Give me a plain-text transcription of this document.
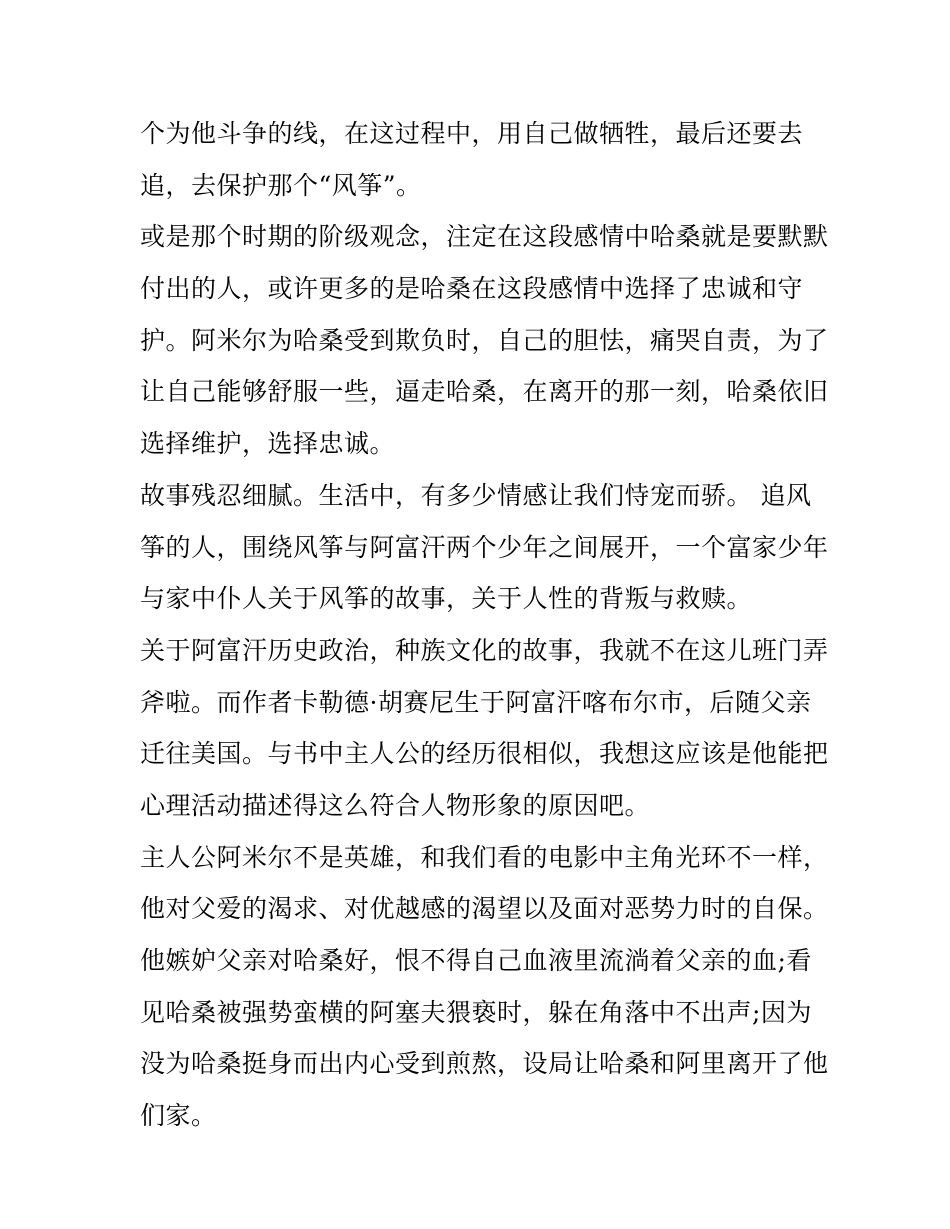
个为他斗争的线，在这过程中，用自己做牺牲，最后还要去
追，去保护那个“风筝”。
或是那个时期的阶级观念，注定在这段感情中哈桑就是要默默
付出的人，或许更多的是哈桑在这段感情中选择了忠诚和守
护。阿米尔为哈桑受到欺负时，自己的胆怯，痛哭自责，为了
让自己能够舒服一些，逼走哈桑，在离开的那一刻，哈桑依旧
选择维护，选择忠诚。
故事残忍细腻。生活中，有多少情感让我们恃宠而骄。 追风
筝的人，围绕风筝与阿富汗两个少年之间展开，一个富家少年
与家中仆人关于风筝的故事，关于人性的背叛与救赎。
关于阿富汗历史政治，种族文化的故事，我就不在这儿班门弄
斧啦。而作者卡勒德·胡赛尼生于阿富汗喀布尔市，后随父亲
迁往美国。与书中主人公的经历很相似，我想这应该是他能把
心理活动描述得这么符合人物形象的原因吧。
主人公阿米尔不是英雄，和我们看的电影中主角光环不一样，
他对父爱的渴求、对优越感的渴望以及面对恶势力时的自保。
他嫉妒父亲对哈桑好，恨不得自己血液里流淌着父亲的血;看
见哈桑被强势蛮横的阿塞夫猥亵时，躲在角落中不出声;因为
没为哈桑挺身而出内心受到煎熬，设局让哈桑和阿里离开了他
们家。
